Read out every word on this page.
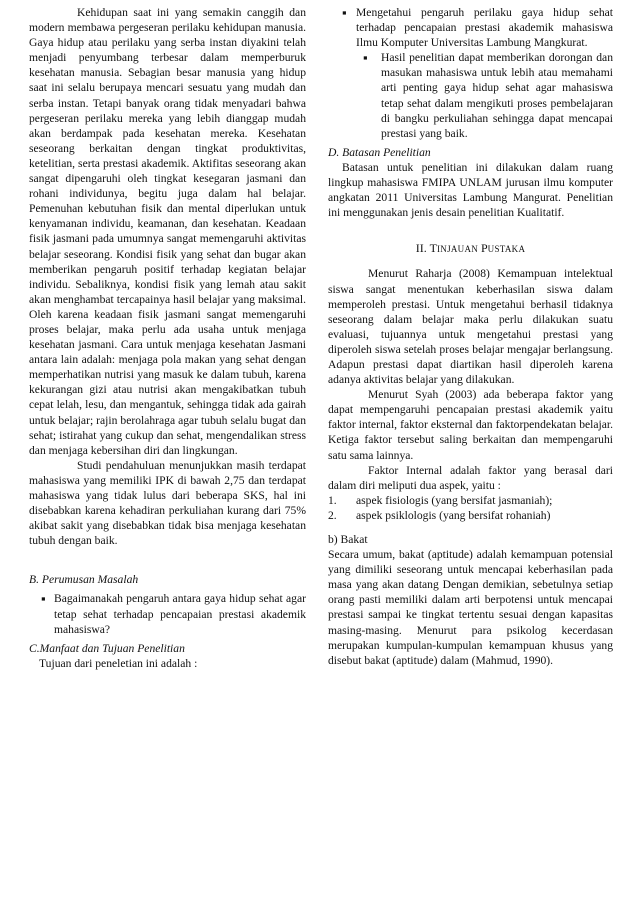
Kehidupan saat ini yang semakin canggih dan modern membawa pergeseran perilaku kehidupan manusia. Gaya hidup atau perilaku yang serba instan diyakini telah menjadi penyumbang terbesar dalam memperburuk kesehatan manusia. Sebagian besar manusia yang hidup saat ini selalu berupaya mencari sesuatu yang mudah dan serba instan. Tetapi banyak orang tidak menyadari bahwa pergeseran perilaku mereka yang lebih dianggap mudah akan berdampak pada kesehatan mereka. Kesehatan seseorang berkaitan dengan tingkat produktivitas, ketelitian, serta prestasi akademik. Aktifitas seseorang akan sangat dipengaruhi oleh tingkat kesegaran jasmani dan rohani individunya, begitu juga dalam hal belajar. Pemenuhan kebutuhan fisik dan mental diperlukan untuk kenyamanan individu, keamanan, dan kesehatan. Keadaan fisik jasmani pada umumnya sangat memengaruhi aktivitas belajar seseorang. Kondisi fisik yang sehat dan bugar akan memberikan pengaruh positif terhadap kegiatan belajar individu. Sebaliknya, kondisi fisik yang lemah atau sakit akan menghambat tercapainya hasil belajar yang maksimal. Oleh karena keadaan fisik jasmani sangat memengaruhi proses belajar, maka perlu ada usaha untuk menjaga kesehatan jasmani. Cara untuk menjaga kesehatan Jasmani antara lain adalah: menjaga pola makan yang sehat dengan memperhatikan nutrisi yang masuk ke dalam tubuh, karena kekurangan gizi atau nutrisi akan mengakibatkan tubuh cepat lelah, lesu, dan mengantuk, sehingga tidak ada gairah untuk belajar; rajin berolahraga agar tubuh selalu bugat dan sehat; istirahat yang cukup dan sehat, mengendalikan stress dan menjaga kebersihan diri dan lingkungan.

Studi pendahuluan menunjukkan masih terdapat mahasiswa yang memiliki IPK di bawah 2,75 dan terdapat mahasiswa yang tidak lulus dari beberapa SKS, hal ini disebabkan karena kehadiran perkuliahan kurang dari 75% akibat sakit yang disebabkan tidak bisa menjaga kesehatan tubuh dengan baik.

B. Perumusan Masalah

▪ Bagaimanakah pengaruh antara gaya hidup sehat agar tetap sehat terhadap pencapaian prestasi akademik mahasiswa?

C.Manfaat dan Tujuan Penelitian

Tujuan dari peneletian ini adalah :

▪ Mengetahui pengaruh perilaku gaya hidup sehat terhadap pencapaian prestasi akademik mahasiswa Ilmu Komputer Universitas Lambung Mangkurat.
▪ Hasil penelitian dapat memberikan dorongan dan masukan mahasiswa untuk lebih atau memahami arti penting gaya hidup sehat agar mahasiswa tetap sehat dalam mengikuti proses pembelajaran di bangku perkuliahan sehingga dapat mencapai prestasi yang baik.

D. Batasan Penelitian

Batasan untuk penelitian ini dilakukan dalam ruang lingkup mahasiswa FMIPA UNLAM jurusan ilmu komputer angkatan 2011 Universitas Lambung Mangurat. Penelitian ini menggunakan jenis desain penelitian Kualitatif.

II. TINJAUAN PUSTAKA

Menurut Raharja (2008) Kemampuan intelektual siswa sangat menentukan keberhasilan siswa dalam memperoleh prestasi. Untuk mengetahui berhasil tidaknya seseorang dalam belajar maka perlu dilakukan suatu evaluasi, tujuannya untuk mengetahui prestasi yang diperoleh siswa setelah proses belajar mengajar berlangsung. Adapun prestasi dapat diartikan hasil diperoleh karena adanya aktivitas belajar yang dilakukan.

Menurut Syah (2003) ada beberapa faktor yang dapat mempengaruhi pencapaian prestasi akademik yaitu faktor internal, faktor eksternal dan faktorpendekatan belajar. Ketiga faktor tersebut saling berkaitan dan mempengaruhi satu sama lainnya.

Faktor Internal adalah faktor yang berasal dari dalam diri meliputi dua aspek, yaitu :

1.	aspek fisiologis (yang bersifat jasmaniah);
2.	aspek psiklologis (yang bersifat rohaniah)

b) Bakat

Secara umum, bakat (aptitude) adalah kemampuan potensial yang dimiliki seseorang untuk mencapai keberhasilan pada masa yang akan datang Dengan demikian, sebetulnya setiap orang pasti memiliki dalam arti berpotensi untuk mencapai prestasi sampai ke tingkat tertentu sesuai dengan kapasitas masing-masing. Menurut para psikolog kecerdasan merupakan kumpulan-kumpulan kemampuan khusus yang disebut bakat (aptitude) dalam (Mahmud, 1990).
